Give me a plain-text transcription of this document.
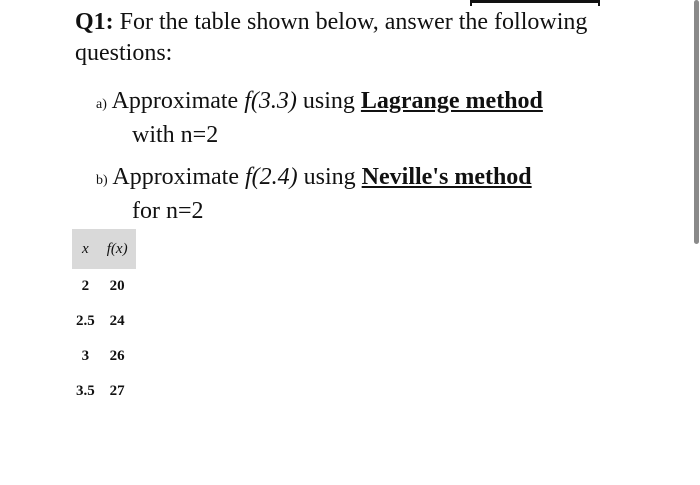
Q1: For the table shown below, answer the following questions:
a) Approximate f(3.3) using Lagrange method
with n=2
b) Approximate f(2.4) using Neville's method
for n=2
x	f(x)
2	20
2.5	24
3	26
3.5	27
